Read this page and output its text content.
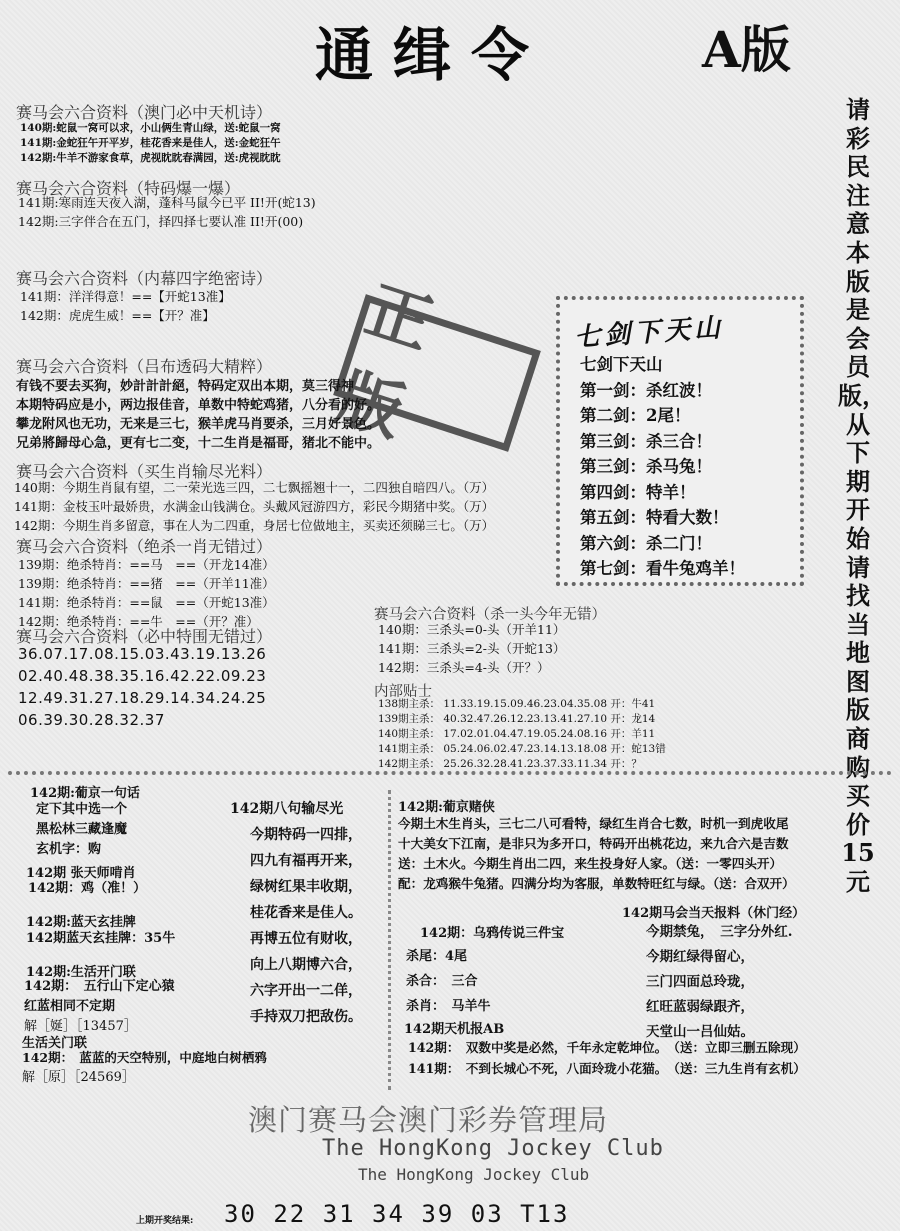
通缉令	A版
请彩民注意本版是会员版，从下期开始请找当地图版商购买价15元
赛马会六合资料（澳门必中天机诗）
140期:蛇鼠一窝可以求，小山俩生青山绿，送:蛇鼠一窝
141期:金蛇狂午开平岁，桂花香来是佳人，送:金蛇狂午
142期:牛羊不游家食草，虎视眈眈春满园，送:虎视眈眈
赛马会六合资料（特码爆一爆）
141期:寒雨连天夜入湖，蓬科马鼠今已平 II!开(蛇13)
142期:三字伴合在五门，择四择七要认准 II!开(00)
赛马会六合资料（内幕四字绝密诗）
141期：洋洋得意！==【开蛇13准】
142期：虎虎生威！==【开？准】	正版
赛马会六合资料（吕布透码大精粹）
有钱不要去买狗，妙計計計絕，特码定双出本期，莫三得神
本期特码应是小，两边报佳音，单数中特蛇鸡猪，八分看的好。
攀龙附风也无功，无来是三七，猴羊虎马肖要杀，三月好景色。
兄弟將歸母心急，更有七二变，十二生肖是福哥，猪北不能中。
赛马会六合资料（买生肖输尽光料）
140期：今期生肖鼠有望，二一荣光选三四，二七飘摇翘十一，二四独自暗四八。（万）
141期：金枝玉叶最娇贵，水满金山钱满仓。头戴风冠游四方，彩民今期猪中奖。（万）
142期：今期生肖多留意，事在人为二四重，身居七位做地主，买卖还须睇三七。（万）
赛马会六合资料（绝杀一肖无错过）
139期：绝杀特肖：==马　==（开龙14准）
139期：绝杀特肖：==猪　==（开羊11准）
141期：绝杀特肖：==鼠　==（开蛇13准）
142期：绝杀特肖：==牛　==（开？准）
赛马会六合资料（必中特围无错过）
36.07.17.08.15.03.43.19.13.26
02.40.48.38.35.16.42.22.09.23
12.49.31.27.18.29.14.34.24.25
06.39.30.28.32.37
七剑下天山
七剑下天山
第一剑：杀红波！
第二剑：2尾！
第三剑：杀三合！
第三剑：杀马兔！
第四剑：特羊！
第五剑：特看大数！
第六剑：杀二门！
第七剑：看牛兔鸡羊！
赛马会六合资料（杀一头今年无错）
140期：三杀头=0-头（开羊11）
141期：三杀头=2-头（开蛇13）
142期：三杀头=4-头（开？）
内部贴士
138期主杀： 11.33.19.15.09.46.23.04.35.08 开：牛41
139期主杀： 40.32.47.26.12.23.13.41.27.10 开：龙14
140期主杀： 17.02.01.04.47.19.05.24.08.16 开：羊11
141期主杀： 05.24.06.02.47.23.14.13.18.08 开：蛇13错
142期主杀： 25.26.32.28.41.23.37.33.11.34 开：？
142期:葡京一句话
定下其中选一个
黑松林三藏逢魔
玄机字：购
142期 张天师啃肖
142期：鸡（准！）
142期:蓝天玄挂牌
142期蓝天玄挂牌：35牛
142期:生活开门联
142期：　五行山下定心猿
红蓝相同不定期
解［娫］［13457］
生活关门联
142期：　蓝蓝的天空特别，中庭地白树栖鸦
解［原］［24569］
142期八句输尽光
今期特码一四排，
四九有福再开来，
绿树红果丰收期，
桂花香来是佳人。
再博五位有财收，
向上八期博六合，
六字开出一二佯，
手持双刀把敌伤。
142期:葡京赌侠
今期土木生肖头，三七二八可看特，绿红生肖合七数，时机一到虎收尾
十大美女下江南，是非只为多开口，特码开出桃花边，来九合六是吉数
送：土木火。今期生肖出二四，来生投身好人家。（送：一零四头开）
配：龙鸡猴牛兔猪。四满分均为客服，单数特旺红与绿。（送：合双开）
142期：乌鸦传说三件宝
杀尾：4尾
杀合：　三合
杀肖：　马羊牛
142期马会当天报料（休门经）
今期禁兔，　三字分外红.
今期红绿得留心，
三门四面总玲珑，
红旺蓝弱绿跟齐，
天堂山一吕仙姑。
142期天机报AB
142期：　双数中奖是必然，千年永定乾坤位。　（送：立即三删五除现）
141期：　不到长城心不死，八面玲珑小花猫。　（送：三九生肖有玄机）
澳门赛马会澳门彩券管理局
The HongKong Jockey Club
The HongKong Jockey Club
上期开奖结果: 30 22 31 34 39 03 T13
